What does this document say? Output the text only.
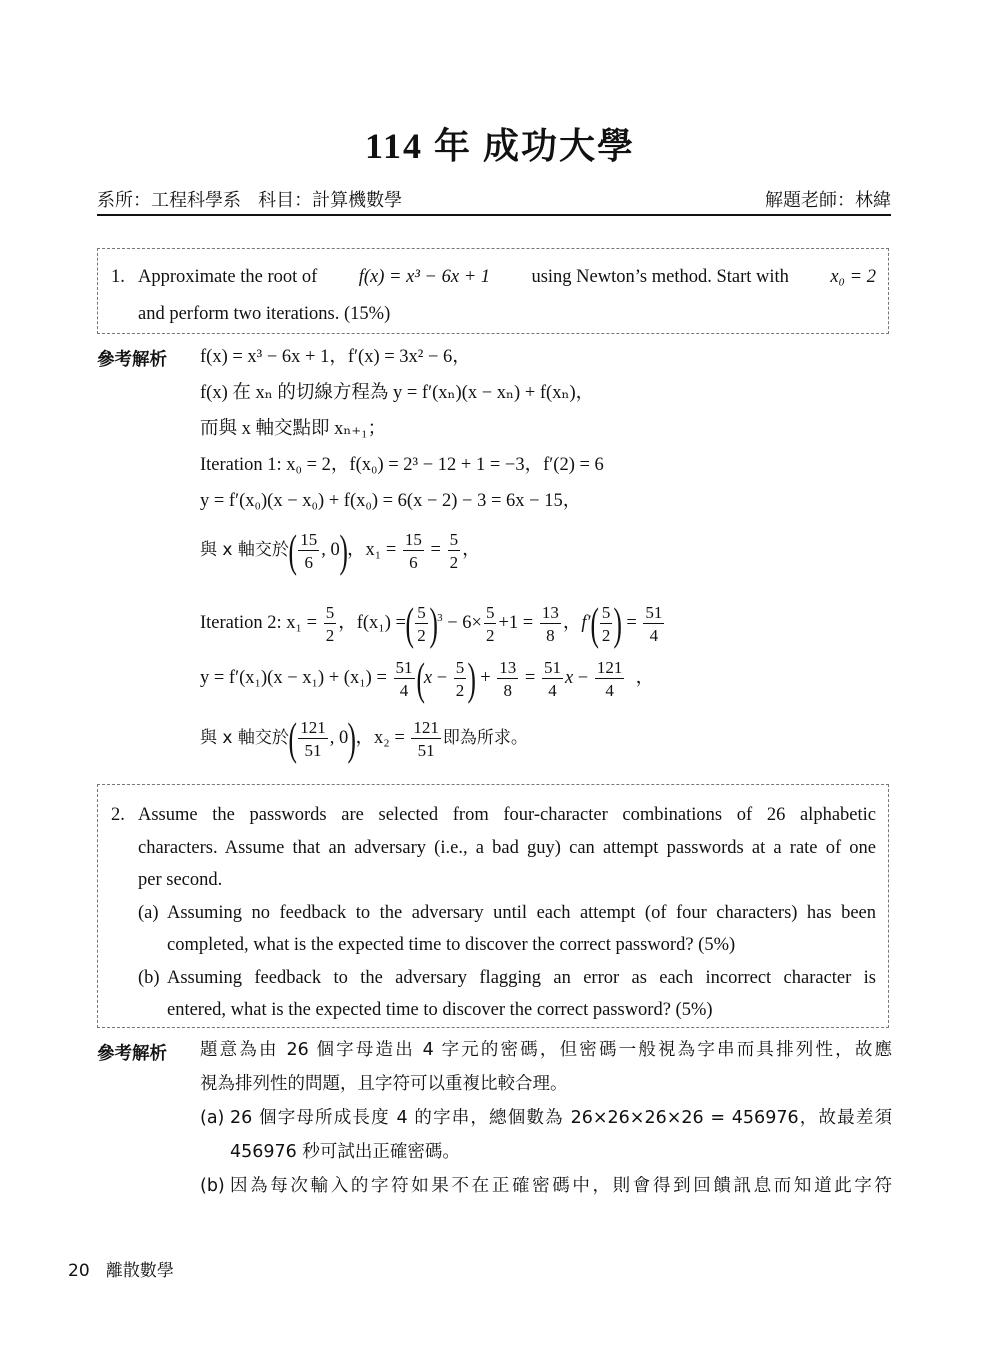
114 年 成功大學
系所：工程科學系 科目：計算機數學	解題老師：林緯
1. Approximate the root of f(x) = x³ − 6x + 1 using Newton’s method. Start with x₀ = 2
and perform two iterations. (15%)
參考解析 f(x) = x³ − 6x + 1，f′(x) = 3x² − 6，
f(x) 在 xₙ 的切線方程為 y = f′(xₙ)(x − xₙ) + f(xₙ)，
而與 x 軸交點即 xₙ₊₁；
Iteration 1: x₀ = 2，f(x₀) = 2³ − 12 + 1 = −3，f′(2) = 6
y = f′(x₀)(x − x₀) + f(x₀) = 6(x − 2) − 3 = 6x − 15，
與 x 軸交於( $\frac{15}{6}$ , 0)，$x_1 = \frac{15}{6} = \frac{5}{2}$ ，
Iteration 2: $x_1 = \frac{5}{2}$ ，f(x₁) =( $\frac{5}{2} )^3 - 6\times \frac{5}{2} +1 = \frac{13}{8}$ ，$f'( \frac{5}{2}$ ) = $\frac{51}{4}$
$y = f'(x_1)(x - x_1) + (x_1) = \frac{51}{4} (x - \frac{5}{2}$ ) + $\frac{13}{8} = \frac{51}{4}$ $x - \frac{121}{4}$ ，
與 x 軸交於( $\frac{121}{51}$ , 0)，$x_2 = \frac{121}{51}$ 即為所求。
2. Assume the passwords are selected from four-character combinations of 26 alphabetic
characters. Assume that an adversary (i.e., a bad guy) can attempt passwords at a rate of one
per second.
(a) Assuming no feedback to the adversary until each attempt (of four characters) has been
completed, what is the expected time to discover the correct password? (5%)
(b) Assuming feedback to the adversary flagging an error as each incorrect character is
entered, what is the expected time to discover the correct password? (5%)
參考解析 題意為由 26 個字母造出 4 字元的密碼，但密碼一般視為字串而具排列性，故應
視為排列性的問題，且字符可以重複比較合理。
(a) 26 個字母所成長度 4 的字串，總個數為 26×26×26×26 = 456976，故最差須
456976 秒可試出正確密碼。
(b) 因為每次輸入的字符如果不在正確密碼中，則會得到回饋訊息而知道此字符
20 離散數學
